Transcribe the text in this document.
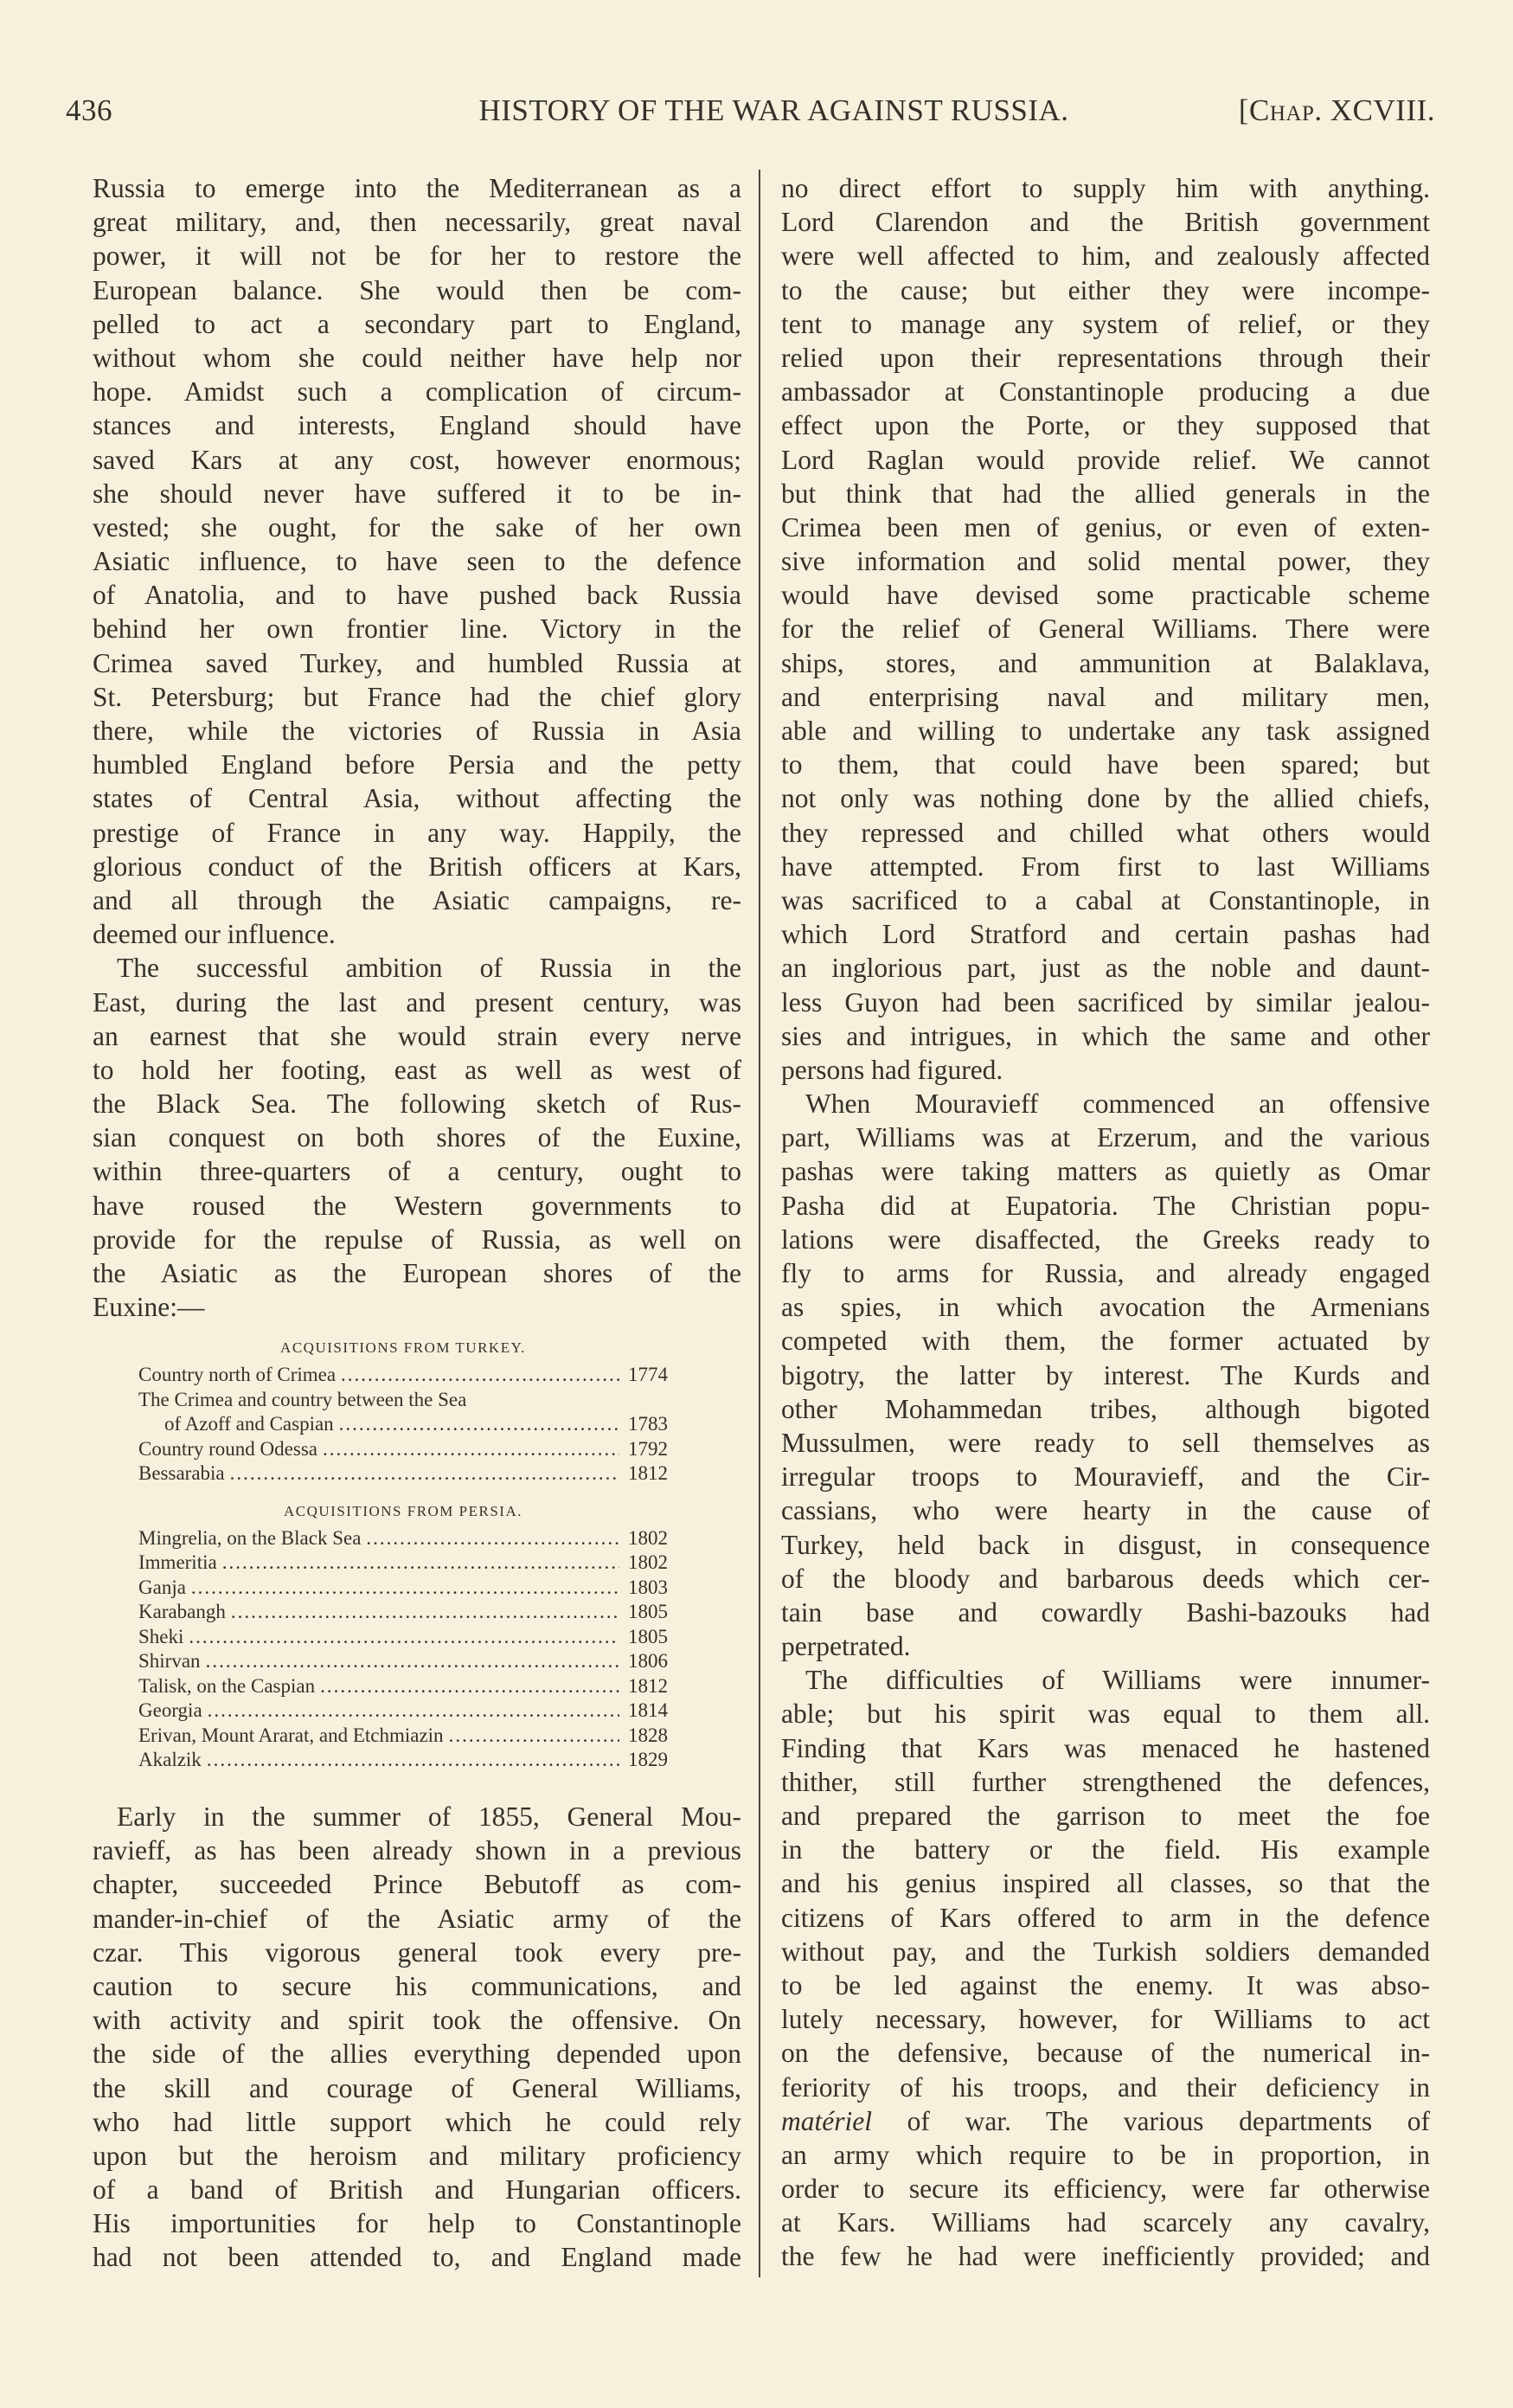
436	HISTORY OF THE WAR AGAINST RUSSIA.	[Chap. XCVIII.
Russia to emerge into the Mediterranean as a
great military, and, then necessarily, great naval
power, it will not be for her to restore the
European balance. She would then be com-
pelled to act a secondary part to England,
without whom she could neither have help nor
hope. Amidst such a complication of circum-
stances and interests, England should have
saved Kars at any cost, however enormous;
she should never have suffered it to be in-
vested; she ought, for the sake of her own
Asiatic influence, to have seen to the defence
of Anatolia, and to have pushed back Russia
behind her own frontier line. Victory in the
Crimea saved Turkey, and humbled Russia at
St. Petersburg; but France had the chief glory
there, while the victories of Russia in Asia
humbled England before Persia and the petty
states of Central Asia, without affecting the
prestige of France in any way. Happily, the
glorious conduct of the British officers at Kars,
and all through the Asiatic campaigns, re-
deemed our influence.
The successful ambition of Russia in the
East, during the last and present century, was
an earnest that she would strain every nerve
to hold her footing, east as well as west of
the Black Sea. The following sketch of Rus-
sian conquest on both shores of the Euxine,
within three-quarters of a century, ought to
have roused the Western governments to
provide for the repulse of Russia, as well on
the Asiatic as the European shores of the
Euxine:—
ACQUISITIONS FROM TURKEY.
Country north of Crimea .....	1774
The Crimea and country between the Sea
of Azoff and Caspian .....	1783
Country round Odessa .....	1792
Bessarabia .....	1812
ACQUISITIONS FROM PERSIA.
Mingrelia, on the Black Sea .....	1802
Immeritia .....	1802
Ganja .....	1803
Karabangh .....	1805
Sheki .....	1805
Shirvan .....	1806
Talisk, on the Caspian .....	1812
Georgia .....	1814
Erivan, Mount Ararat, and Etchmiazin .....	1828
Akalzik .....	1829
Early in the summer of 1855, General Mou-
ravieff, as has been already shown in a previous
chapter, succeeded Prince Bebutoff as com-
mander-in-chief of the Asiatic army of the
czar. This vigorous general took every pre-
caution to secure his communications, and
with activity and spirit took the offensive. On
the side of the allies everything depended upon
the skill and courage of General Williams,
who had little support which he could rely
upon but the heroism and military proficiency
of a band of British and Hungarian officers.
His importunities for help to Constantinople
had not been attended to, and England made
no direct effort to supply him with anything.
Lord Clarendon and the British government
were well affected to him, and zealously affected
to the cause; but either they were incompe-
tent to manage any system of relief, or they
relied upon their representations through their
ambassador at Constantinople producing a due
effect upon the Porte, or they supposed that
Lord Raglan would provide relief. We cannot
but think that had the allied generals in the
Crimea been men of genius, or even of exten-
sive information and solid mental power, they
would have devised some practicable scheme
for the relief of General Williams. There were
ships, stores, and ammunition at Balaklava,
and enterprising naval and military men,
able and willing to undertake any task assigned
to them, that could have been spared; but
not only was nothing done by the allied chiefs,
they repressed and chilled what others would
have attempted. From first to last Williams
was sacrificed to a cabal at Constantinople, in
which Lord Stratford and certain pashas had
an inglorious part, just as the noble and daunt-
less Guyon had been sacrificed by similar jealou-
sies and intrigues, in which the same and other
persons had figured.
When Mouravieff commenced an offensive
part, Williams was at Erzerum, and the various
pashas were taking matters as quietly as Omar
Pasha did at Eupatoria. The Christian popu-
lations were disaffected, the Greeks ready to
fly to arms for Russia, and already engaged
as spies, in which avocation the Armenians
competed with them, the former actuated by
bigotry, the latter by interest. The Kurds and
other Mohammedan tribes, although bigoted
Mussulmen, were ready to sell themselves as
irregular troops to Mouravieff, and the Cir-
cassians, who were hearty in the cause of
Turkey, held back in disgust, in consequence
of the bloody and barbarous deeds which cer-
tain base and cowardly Bashi-bazouks had
perpetrated.
The difficulties of Williams were innumer-
able; but his spirit was equal to them all.
Finding that Kars was menaced he hastened
thither, still further strengthened the defences,
and prepared the garrison to meet the foe
in the battery or the field. His example
and his genius inspired all classes, so that the
citizens of Kars offered to arm in the defence
without pay, and the Turkish soldiers demanded
to be led against the enemy. It was abso-
lutely necessary, however, for Williams to act
on the defensive, because of the numerical in-
feriority of his troops, and their deficiency in
matériel of war. The various departments of
an army which require to be in proportion, in
order to secure its efficiency, were far otherwise
at Kars. Williams had scarcely any cavalry,
the few he had were inefficiently provided; and
